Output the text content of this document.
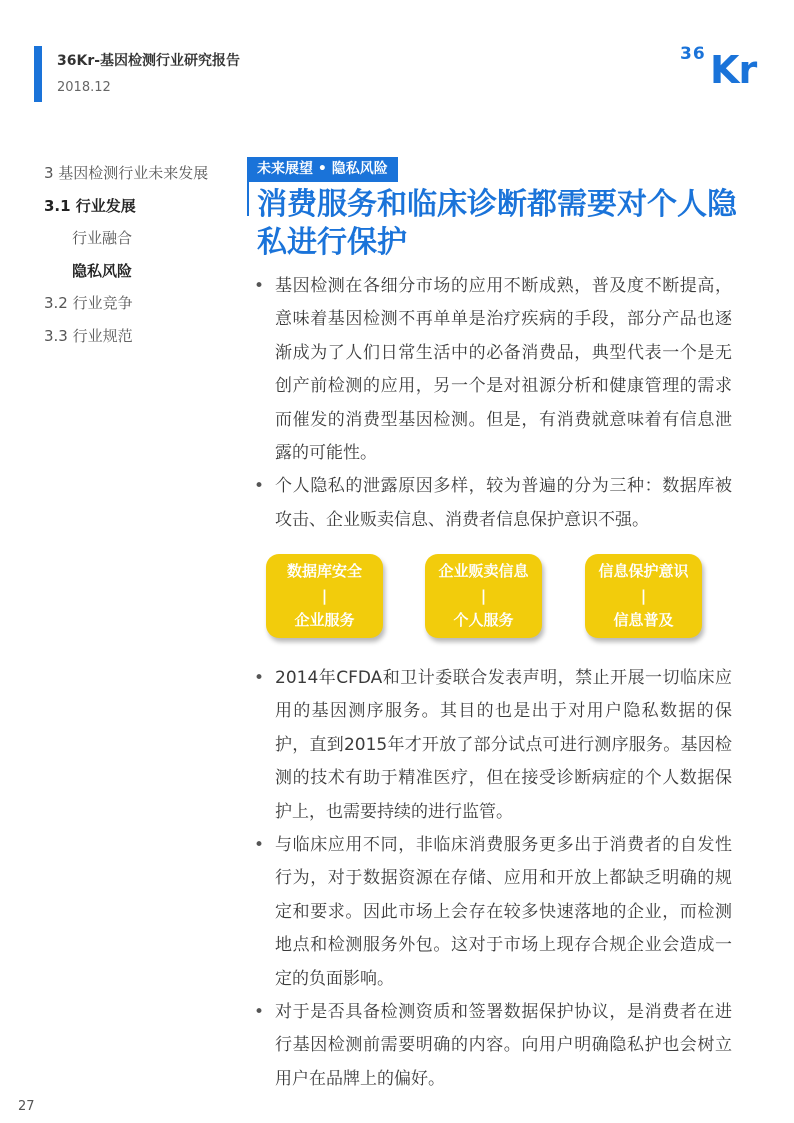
36Kr-基因检测行业研究报告
2018.12
36 Kr
3 基因检测行业未来发展
3.1 行业发展
行业融合
隐私风险
3.2 行业竞争
3.3 行业规范
未来展望 • 隐私风险
消费服务和临床诊断都需要对个人隐私进行保护

• 基因检测在各细分市场的应用不断成熟，普及度不断提高，意味着基因检测不再单单是治疗疾病的手段，部分产品也逐渐成为了人们日常生活中的必备消费品，典型代表一个是无创产前检测的应用，另一个是对祖源分析和健康管理的需求而催发的消费型基因检测。但是，有消费就意味着有信息泄露的可能性。

• 个人隐私的泄露原因多样，较为普遍的分为三种：数据库被攻击、企业贩卖信息、消费者信息保护意识不强。

数据库安全
|
企业服务
企业贩卖信息
|
个人服务
信息保护意识
|
信息普及

• 2014年CFDA和卫计委联合发表声明，禁止开展一切临床应用的基因测序服务。其目的也是出于对用户隐私数据的保护，直到2015年才开放了部分试点可进行测序服务。基因检测的技术有助于精准医疗，但在接受诊断病症的个人数据保护上，也需要持续的进行监管。

• 与临床应用不同，非临床消费服务更多出于消费者的自发性行为，对于数据资源在存储、应用和开放上都缺乏明确的规定和要求。因此市场上会存在较多快速落地的企业，而检测地点和检测服务外包。这对于市场上现存合规企业会造成一定的负面影响。

• 对于是否具备检测资质和签署数据保护协议，是消费者在进行基因检测前需要明确的内容。向用户明确隐私护也会树立用户在品牌上的偏好。

27
